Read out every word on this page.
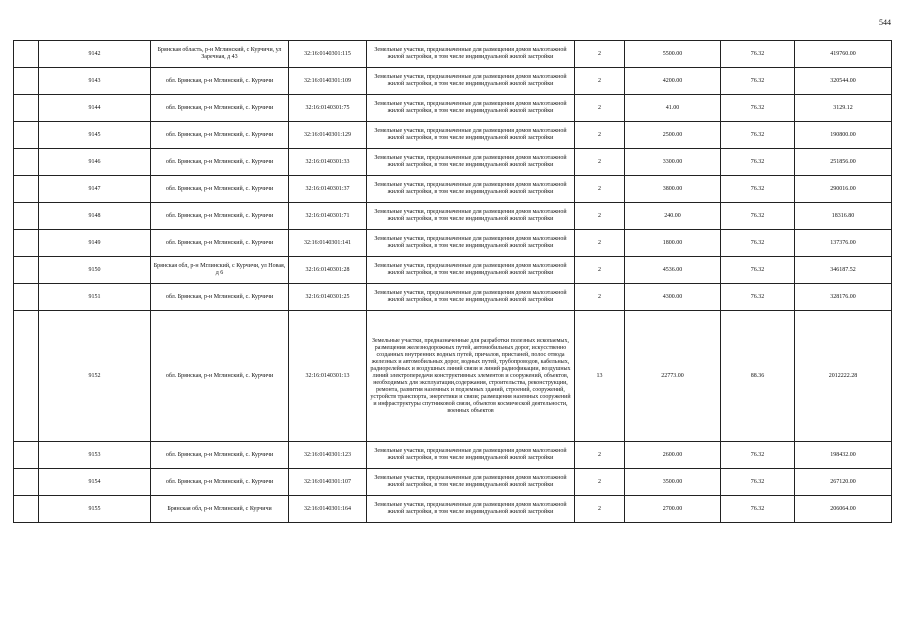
544
	9142	Брянская область, р-н Мглинский, с Курчичи, ул Заречная, д 43	32:16:0140301:115	Земельные участки, предназначенные для размещения домов малоэтажной жилой застройки, в том числе индивидуальной жилой застройки	2	5500.00	76.32	419760.00
	9143	обл. Брянская, р-н Мглинский, с. Курчичи	32:16:0140301:109	Земельные участки, предназначенные для размещения домов малоэтажной жилой застройки, в том числе индивидуальной жилой застройки	2	4200.00	76.32	320544.00
	9144	обл. Брянская, р-н Мглинский, с. Курчичи	32:16:0140301:75	Земельные участки, предназначенные для размещения домов малоэтажной жилой застройки, в том числе индивидуальной жилой застройки	2	41.00	76.32	3129.12
	9145	обл. Брянская, р-н Мглинский, с. Курчичи	32:16:0140301:129	Земельные участки, предназначенные для размещения домов малоэтажной жилой застройки, в том числе индивидуальной жилой застройки	2	2500.00	76.32	190800.00
	9146	обл. Брянская, р-н Мглинский, с. Курчичи	32:16:0140301:33	Земельные участки, предназначенные для размещения домов малоэтажной жилой застройки, в том числе индивидуальной жилой застройки	2	3300.00	76.32	251856.00
	9147	обл. Брянская, р-н Мглинский, с. Курчичи	32:16:0140301:37	Земельные участки, предназначенные для размещения домов малоэтажной жилой застройки, в том числе индивидуальной жилой застройки	2	3800.00	76.32	290016.00
	9148	обл. Брянская, р-н Мглинский, с. Курчичи	32:16:0140301:71	Земельные участки, предназначенные для размещения домов малоэтажной жилой застройки, в том числе индивидуальной жилой застройки	2	240.00	76.32	18316.80
	9149	обл. Брянская, р-н Мглинский, с. Курчичи	32:16:0140301:141	Земельные участки, предназначенные для размещения домов малоэтажной жилой застройки, в том числе индивидуальной жилой застройки	2	1800.00	76.32	137376.00
	9150	Брянская обл, р-н Мглинский, с Курчичи, ул Новая, д 6	32:16:0140301:28	Земельные участки, предназначенные для размещения домов малоэтажной жилой застройки, в том числе индивидуальной жилой застройки	2	4536.00	76.32	346187.52
	9151	обл. Брянская, р-н Мглинский, с. Курчичи	32:16:0140301:25	Земельные участки, предназначенные для размещения домов малоэтажной жилой застройки, в том числе индивидуальной жилой застройки	2	4300.00	76.32	328176.00
	9152	обл. Брянская, р-н Мглинский, с. Курчичи	32:16:0140301:13	Земельные участки, предназначенные для разработки полезных ископаемых, размещения железнодорожных путей, автомобильных дорог, искусственно созданных внутренних водных путей, причалов, пристаней, полос отвода железных и автомобильных дорог, водных путей, трубопроводов, кабельных, радиорелейных и воздушных линий связи и линий радиофикации, воздушных линий электропередачи конструктивных элементов и сооружений, объектов, необходимых для эксплуатации,содержания, строительства, реконструкции, ремонта, развития наземных и подземных зданий, строений, сооружений, устройств транспорта, энергетики и связи; размещения наземных сооружений и инфраструктуры спутниковой связи, объектов космической деятельности, военных объектов	13	22773.00	88.36	2012222.28
	9153	обл. Брянская, р-н Мглинский, с. Курчичи	32:16:0140301:123	Земельные участки, предназначенные для размещения домов малоэтажной жилой застройки, в том числе индивидуальной жилой застройки	2	2600.00	76.32	198432.00
	9154	обл. Брянская, р-н Мглинский, с. Курчичи	32:16:0140301:107	Земельные участки, предназначенные для размещения домов малоэтажной жилой застройки, в том числе индивидуальной жилой застройки	2	3500.00	76.32	267120.00
	9155	Брянская обл, р-н Мглинский, с Курчичи	32:16:0140301:164	Земельные участки, предназначенные для размещения домов малоэтажной жилой застройки, в том числе индивидуальной жилой застройки	2	2700.00	76.32	206064.00
